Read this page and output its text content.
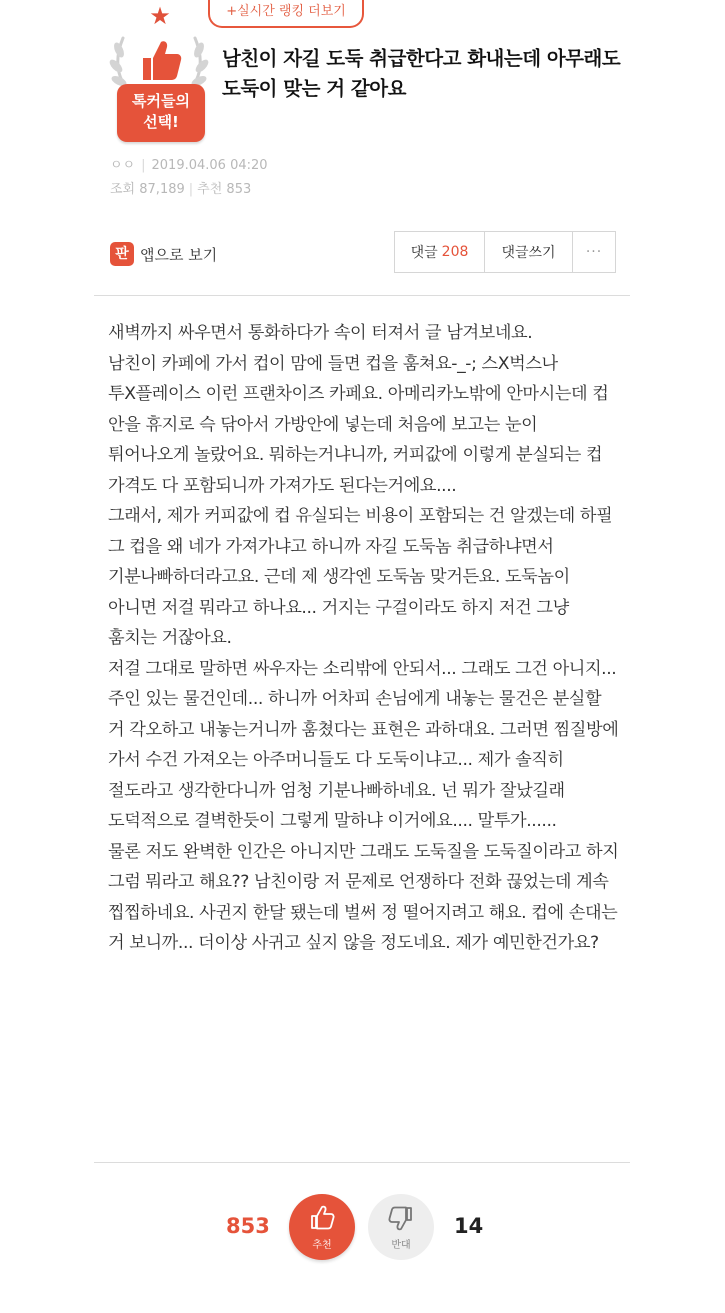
+실시간 랭킹 더보기
★
톡커들의
선택!
남친이 자길 도둑 취급한다고 화내는데 아무래도 도둑이 맞는 거 같아요
ㅇㅇ | 2019.04.06 04:20
조회 87,189 | 추천 853
판 앱으로 보기	댓글 208	댓글쓰기	···

새벽까지 싸우면서 통화하다가 속이 터져서 글 남겨보네요.

남친이 카페에 가서 컵이 맘에 들면 컵을 훔쳐요-_-; 스X벅스나 투X플레이스 이런 프랜차이즈 카페요. 아메리카노밖에 안마시는데 컵 안을 휴지로 슥 닦아서 가방안에 넣는데 처음에 보고는 눈이 튀어나오게 놀랐어요. 뭐하는거냐니까, 커피값에 이렇게 분실되는 컵 가격도 다 포함되니까 가져가도 된다는거에요....

그래서, 제가 커피값에 컵 유실되는 비용이 포함되는 건 알겠는데 하필 그 컵을 왜 네가 가져가냐고 하니까 자길 도둑놈 취급하냐면서 기분나빠하더라고요. 근데 제 생각엔 도둑놈 맞거든요. 도둑놈이 아니면 저걸 뭐라고 하나요... 거지는 구걸이라도 하지 저건 그냥 훔치는 거잖아요.

저걸 그대로 말하면 싸우자는 소리밖에 안되서... 그래도 그건 아니지... 주인 있는 물건인데... 하니까 어차피 손님에게 내놓는 물건은 분실할 거 각오하고 내놓는거니까 훔쳤다는 표현은 과하대요. 그러면 찜질방에 가서 수건 가져오는 아주머니들도 다 도둑이냐고... 제가 솔직히 절도라고 생각한다니까 엄청 기분나빠하네요. 넌 뭐가 잘났길래 도덕적으로 결벽한듯이 그렇게 말하냐 이거에요.... 말투가......

물론 저도 완벽한 인간은 아니지만 그래도 도둑질을 도둑질이라고 하지 그럼 뭐라고 해요?? 남친이랑 저 문제로 언쟁하다 전화 끊었는데 계속 찝찝하네요. 사귄지 한달 됐는데 벌써 정 떨어지려고 해요. 컵에 손대는 거 보니까... 더이상 사귀고 싶지 않을 정도네요. 제가 예민한건가요?

853
추천	반대
14
